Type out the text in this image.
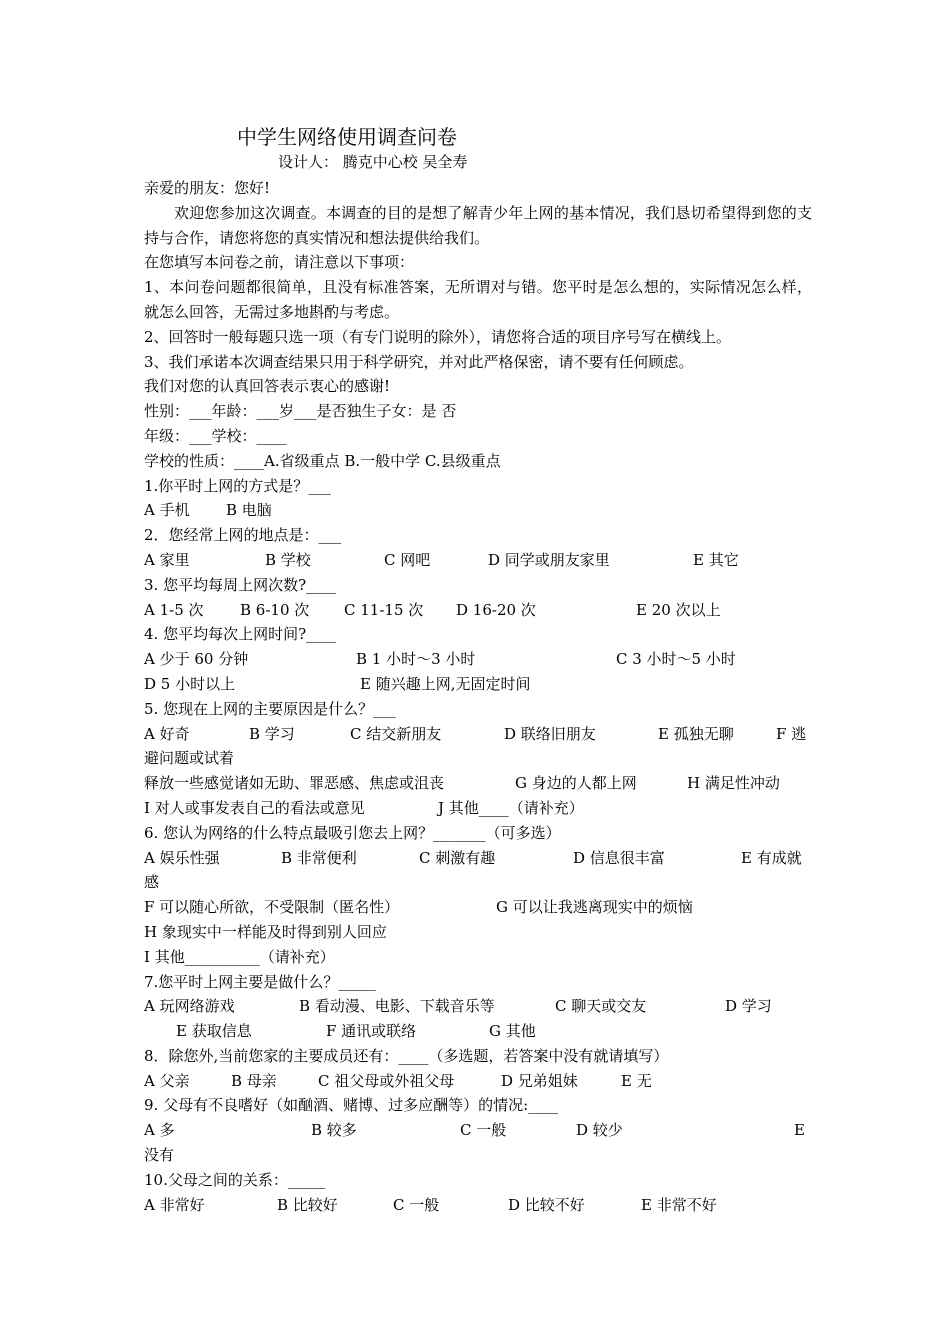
中学生网络使用调查问卷
设计人： 腾克中心校 吴全寿
亲爱的朋友：您好!
欢迎您参加这次调查。本调查的目的是想了解青少年上网的基本情况，我们恳切希望得到您的支持与合作，请您将您的真实情况和想法提供给我们。
在您填写本问卷之前，请注意以下事项：
1、本问卷问题都很简单，且没有标准答案，无所谓对与错。您平时是怎么想的，实际情况怎么样，就怎么回答，无需过多地斟酌与考虑。
2、回答时一般每题只选一项（有专门说明的除外），请您将合适的项目序号写在横线上。
3、我们承诺本次调查结果只用于科学研究，并对此严格保密，请不要有任何顾虑。
我们对您的认真回答表示衷心的感谢!
性别：___年龄：___岁___是否独生子女：是 否
年级：___学校：____
学校的性质：____A.省级重点 B.一般中学 C.县级重点
1.你平时上网的方式是？___
A 手机 B 电脑
2．您经常上网的地点是：___
A 家里	B 学校	C 网吧	D 同学或朋友家里	E 其它
3. 您平均每周上网次数?____
A 1-5 次 B 6-10 次 C 11-15 次 D 16-20 次	E 20 次以上
4. 您平均每次上网时间?____
A 少于 60 分钟	B 1 小时～3 小时	C 3 小时～5 小时
D 5 小时以上	E 随兴趣上网,无固定时间
5. 您现在上网的主要原因是什么？___
A 好奇	B 学习	C 结交新朋友	D 联络旧朋友	E 孤独无聊	F 逃
避问题或试着
释放一些感觉诸如无助、罪恶感、焦虑或沮丧	G 身边的人都上网	H 满足性冲动
I 对人或事发表自己的看法或意见	J 其他____（请补充）
6. 您认为网络的什么特点最吸引您去上网？_______（可多选）
A 娱乐性强	B 非常便利	C 刺激有趣	D 信息很丰富	E 有成就
感
F 可以随心所欲，不受限制（匿名性）	G 可以让我逃离现实中的烦恼
H 象现实中一样能及时得到别人回应
I 其他__________（请补充）
7.您平时上网主要是做什么？_____
A 玩网络游戏	B 看动漫、电影、下载音乐等	C 聊天或交友	D 学习
E 获取信息	F 通讯或联络	G 其他
8．除您外,当前您家的主要成员还有：____（多选题，若答案中没有就请填写）
A 父亲	B 母亲	C 祖父母或外祖父母	D 兄弟姐妹	E 无
9. 父母有不良嗜好（如酗酒、赌博、过多应酬等）的情况:____
A 多	B 较多	C 一般	D 较少	E
没有
10.父母之间的关系：_____
A 非常好	B 比较好	C 一般	D 比较不好	E 非常不好
